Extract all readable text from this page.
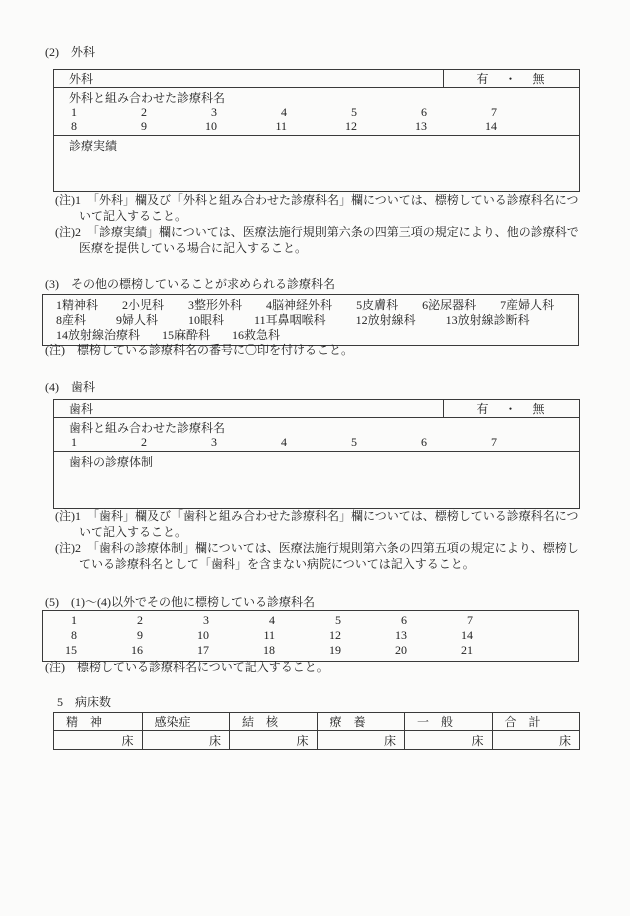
(2)　外科
外科	有　・　無
外科と組み合わせた診療科名
1	2	3	4	5	6	7
8	9	10	11	12	13	14
診療実績
(注)1　「外科」欄及び「外科と組み合わせた診療科名」欄については、標榜している診療科名につ
いて記入すること。
(注)2　「診療実績」欄については、医療法施行規則第六条の四第三項の規定により、他の診療科で
医療を提供している場合に記入すること。
(3)　その他の標榜していることが求められる診療科名
1精神科 2小児科 3整形外科 4脳神経外科 5皮膚科 6泌尿器科 7産婦人科
8産科	9婦人科	10眼科	11耳鼻咽喉科	12放射線科	13放射線診断科
14放射線治療科 15麻酔科 16救急科
(注)　標榜している診療科名の番号に〇印を付けること。
(4)　歯科
歯科	有　・　無
歯科と組み合わせた診療科名
1	2	3	4	5	6	7
歯科の診療体制
(注)1　「歯科」欄及び「歯科と組み合わせた診療科名」欄については、標榜している診療科名につ
いて記入すること。
(注)2　「歯科の診療体制」欄については、医療法施行規則第六条の四第五項の規定により、標榜し
ている診療科名として「歯科」を含まない病院については記入すること。
(5)　(1)～(4)以外でその他に標榜している診療科名
1	2	3	4	5	6	7
8	9	10	11	12	13	14
15	16	17	18	19	20	21
(注)　標榜している診療科名について記入すること。
5　病床数
精　神	感染症	結　核	療　養	一　般	合　計
床	床	床	床	床	床
